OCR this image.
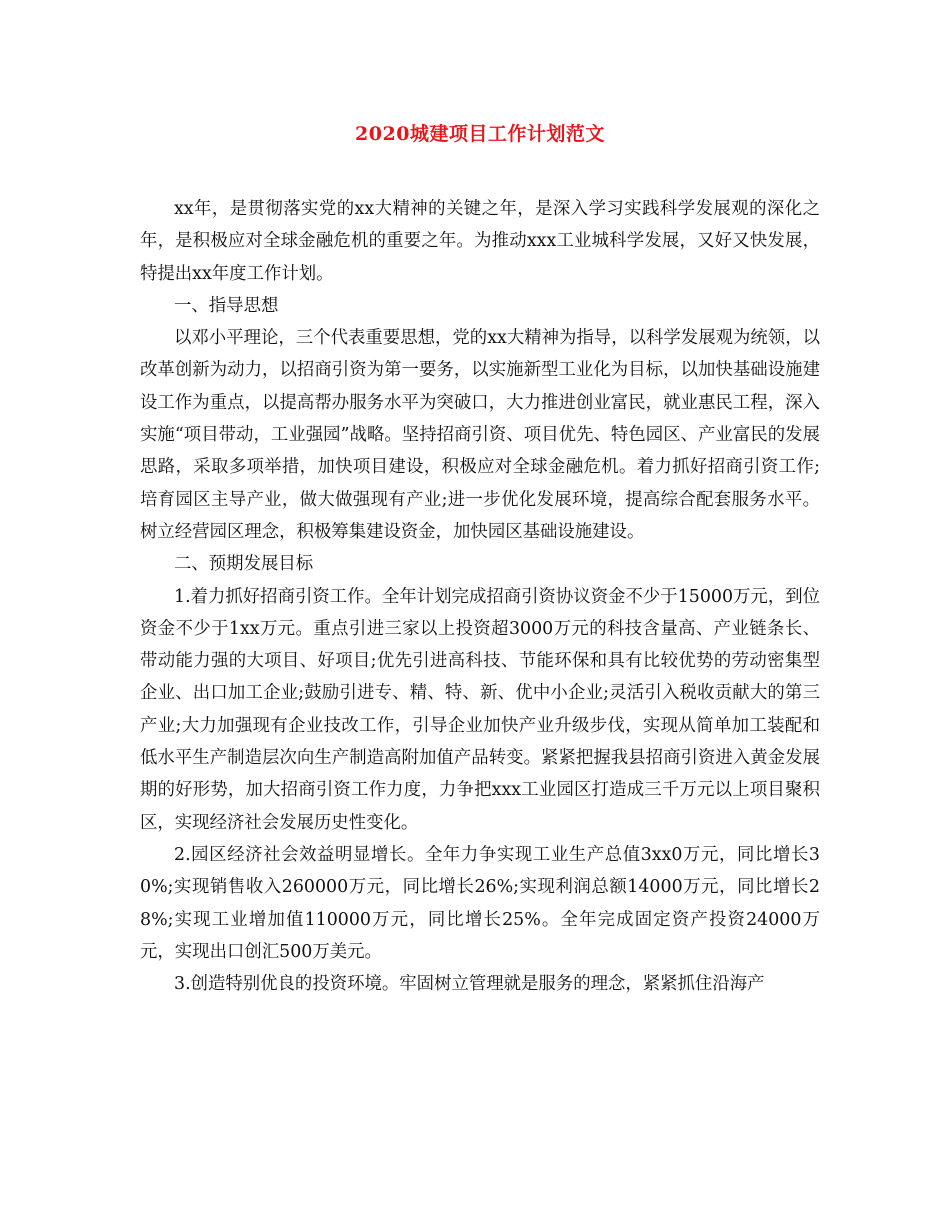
2020城建项目工作计划范文

xx年，是贯彻落实党的xx大精神的关键之年，是深入学习实践科学发展观的深化之年，是积极应对全球金融危机的重要之年。为推动xxx工业城科学发展，又好又快发展，特提出xx年度工作计划。

一、指导思想

以邓小平理论，三个代表重要思想，党的xx大精神为指导，以科学发展观为统领，以改革创新为动力，以招商引资为第一要务，以实施新型工业化为目标，以加快基础设施建设工作为重点，以提高帮办服务水平为突破口，大力推进创业富民，就业惠民工程，深入实施“项目带动，工业强园”战略。坚持招商引资、项目优先、特色园区、产业富民的发展思路，采取多项举措，加快项目建设，积极应对全球金融危机。着力抓好招商引资工作;培育园区主导产业，做大做强现有产业;进一步优化发展环境，提高综合配套服务水平。树立经营园区理念，积极筹集建设资金，加快园区基础设施建设。

二、预期发展目标

1.着力抓好招商引资工作。全年计划完成招商引资协议资金不少于15000万元，到位资金不少于1xx万元。重点引进三家以上投资超3000万元的科技含量高、产业链条长、带动能力强的大项目、好项目;优先引进高科技、节能环保和具有比较优势的劳动密集型企业、出口加工企业;鼓励引进专、精、特、新、优中小企业;灵活引入税收贡献大的第三产业;大力加强现有企业技改工作，引导企业加快产业升级步伐，实现从简单加工装配和低水平生产制造层次向生产制造高附加值产品转变。紧紧把握我县招商引资进入黄金发展期的好形势，加大招商引资工作力度，力争把xxx工业园区打造成三千万元以上项目聚积区，实现经济社会发展历史性变化。

2.园区经济社会效益明显增长。全年力争实现工业生产总值3xx0万元，同比增长30%;实现销售收入260000万元，同比增长26%;实现利润总额14000万元，同比增长28%;实现工业增加值110000万元，同比增长25%。全年完成固定资产投资24000万元，实现出口创汇500万美元。

3.创造特别优良的投资环境。牢固树立管理就是服务的理念，紧紧抓住沿海产
